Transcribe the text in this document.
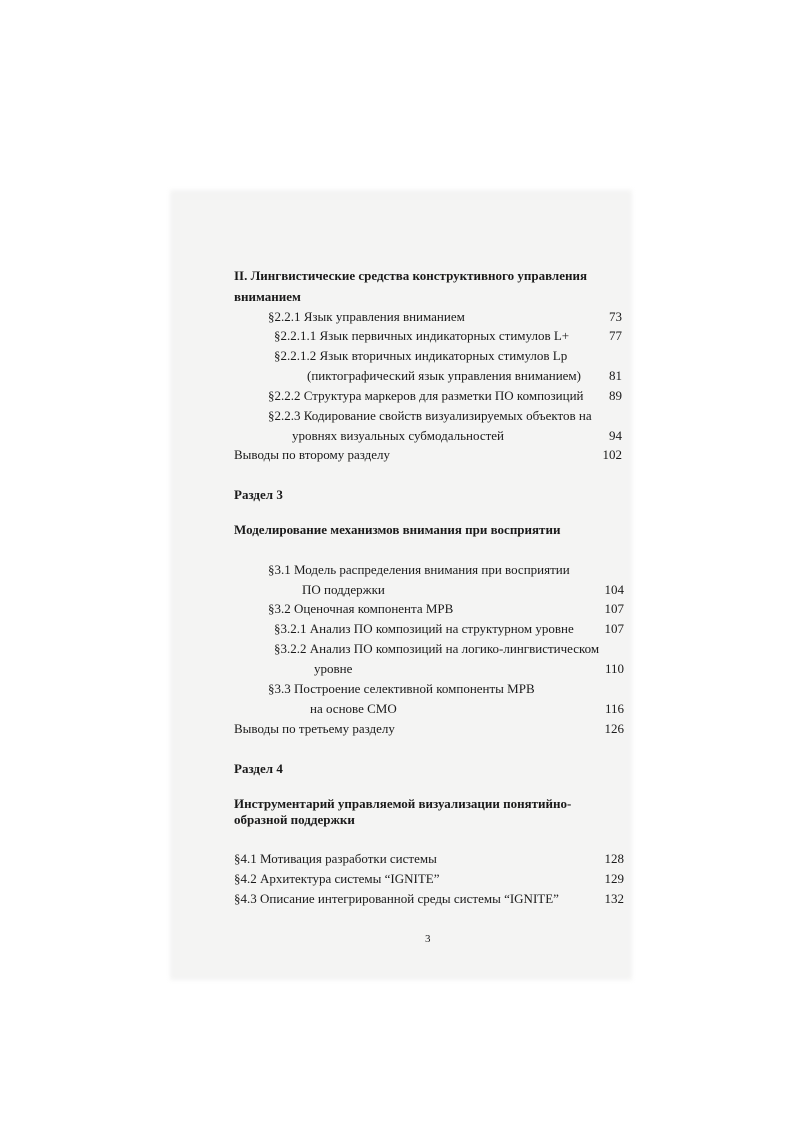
II. Лингвистические средства конструктивного управления
вниманием
§2.2.1 Язык управления вниманием	73
§2.2.1.1 Язык первичных индикаторных стимулов L+	77
§2.2.1.2 Язык вторичных индикаторных стимулов Lp
(пиктографический язык управления вниманием) 81
§2.2.2 Структура маркеров для разметки ПО композиций 89
§2.2.3 Кодирование свойств визуализируемых объектов на
уровнях визуальных субмодальностей	94
Выводы по второму разделу	102
Раздел 3
Моделирование механизмов внимания при восприятии
§3.1 Модель распределения внимания при восприятии
ПО поддержки	104
§3.2 Оценочная компонента МРВ	107
§3.2.1 Анализ ПО композиций на структурном уровне 107
§3.2.2 Анализ ПО композиций на логико-лингвистическом
уровне	110
§3.3 Построение селективной компоненты МРВ
на основе СМО	116
Выводы по третьему разделу	126
Раздел 4
Инструментарий управляемой визуализации понятийно-
образной поддержки
§4.1 Мотивация разработки системы	128
§4.2 Архитектура системы “IGNITE”	129
§4.3 Описание интегрированной среды системы “IGNITE”	132
3
